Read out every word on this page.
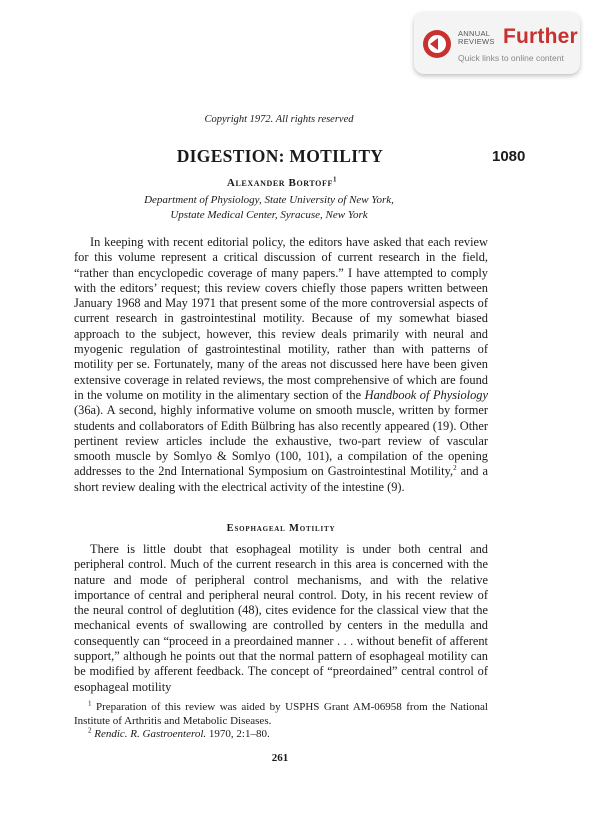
ANNUAL
REVIEWS Further
Quick links to online content
Copyright 1972. All rights reserved
DIGESTION: MOTILITY	1080
Alexander Bortoff$^1$
Department of Physiology, State University of New York,
Upstate Medical Center, Syracuse, New York

In keeping with recent editorial policy, the editors have asked that each review for this volume represent a critical discussion of current research in the field, “rather than encyclopedic coverage of many papers.” I have attempted to comply with the editors’ request; this review covers chiefly those papers written between January 1968 and May 1971 that present some of the more controversial aspects of current research in gastrointestinal motility. Because of my somewhat biased approach to the subject, however, this review deals primarily with neural and myogenic regulation of gastrointestinal motility, rather than with patterns of motility per se. Fortunately, many of the areas not discussed here have been given extensive coverage in related reviews, the most comprehensive of which are found in the volume on motility in the alimentary section of the Handbook of Physiology (36a). A second, highly informative volume on smooth muscle, written by former students and collaborators of Edith Bülbring has also recently appeared (19). Other pertinent review articles include the exhaustive, two-part review of vascular smooth muscle by Somlyo & Somlyo (100, 101), a compilation of the opening addresses to the 2nd International Symposium on Gastrointestinal Motility,$^2$ and a short review dealing with the electrical activity of the intestine (9).

Esophageal Motility

There is little doubt that esophageal motility is under both central and peripheral control. Much of the current research in this area is concerned with the nature and mode of peripheral control mechanisms, and with the relative importance of central and peripheral neural control. Doty, in his recent review of the neural control of deglutition (48), cites evidence for the classical view that the mechanical events of swallowing are controlled by centers in the medulla and consequently can “proceed in a preordained manner . . . without benefit of afferent support,” although he points out that the normal pattern of esophageal motility can be modified by afferent feedback. The concept of “preordained” central control of esophageal motility

$^1$ Preparation of this review was aided by USPHS Grant AM-06958 from the National Institute of Arthritis and Metabolic Diseases.

$^2$ Rendic. R. Gastroenterol. 1970, 2:1–80.

261
